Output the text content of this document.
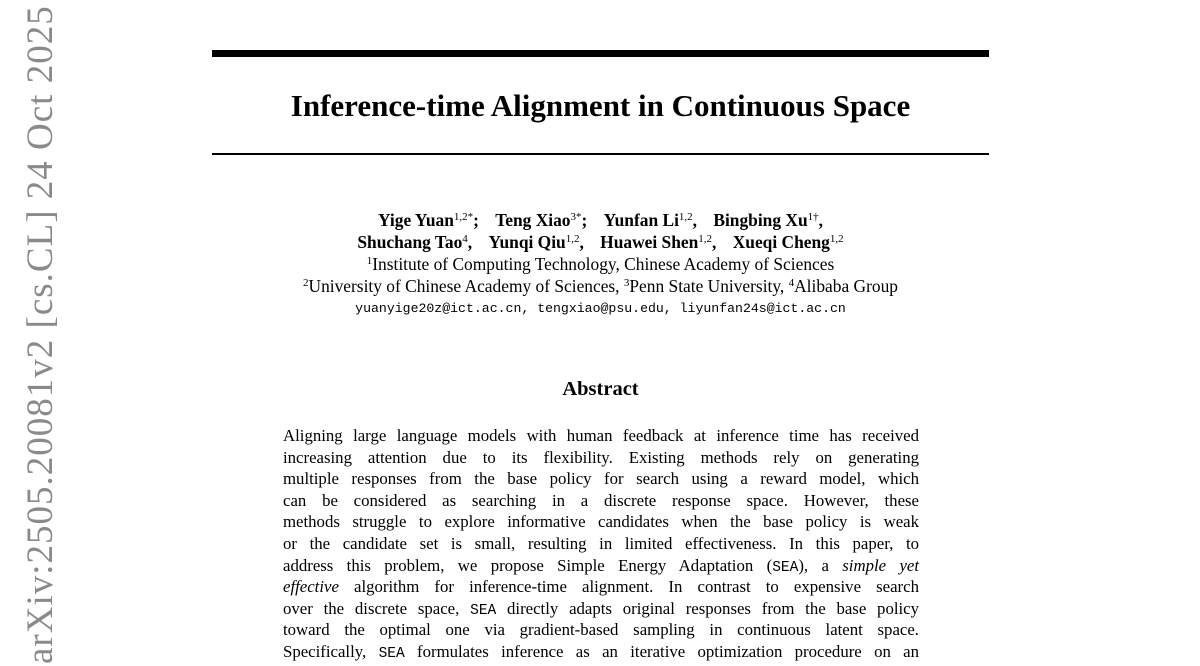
Inference-time Alignment in Continuous Space
Yige Yuan$^{1,2*}$; Teng Xiao$^{3*}$; Yunfan Li$^{1,2}$, Bingbing $Xu^{1\dagger}$,
Shuchang Tao$^4$, Yunqi Qiu$^{1,2}$, Huawei Shen$^{1,2}$, Xueqi Cheng$^{1,2}$
$^1$Institute of Computing Technology, Chinese Academy of Sciences
$^2$University of Chinese Academy of Sciences, $^3$Penn State University, $^4$Alibaba Group
yuanyige20z@ict.ac.cn, tengxiao@psu.edu, liyunfan24s@ict.ac.cn
Abstract
Aligning large language models with human feedback at inference time has received
increasing attention due to its flexibility. Existing methods rely on generating
multiple responses from the base policy for search using a reward model, which
can be considered as searching in a discrete response space. However, these
methods struggle to explore informative candidates when the base policy is weak
or the candidate set is small, resulting in limited effectiveness. In this paper, to
address this problem, we propose Simple Energy Adaptation (SEA), a simple yet
effective algorithm for inference-time alignment. In contrast to expensive search
over the discrete space, SEA directly adapts original responses from the base policy
toward the optimal one via gradient-based sampling in continuous latent space.
Specifically, SEA formulates inference as an iterative optimization procedure on an
arXiv:2505.20081v2 [cs.CL] 24 Oct 2025
